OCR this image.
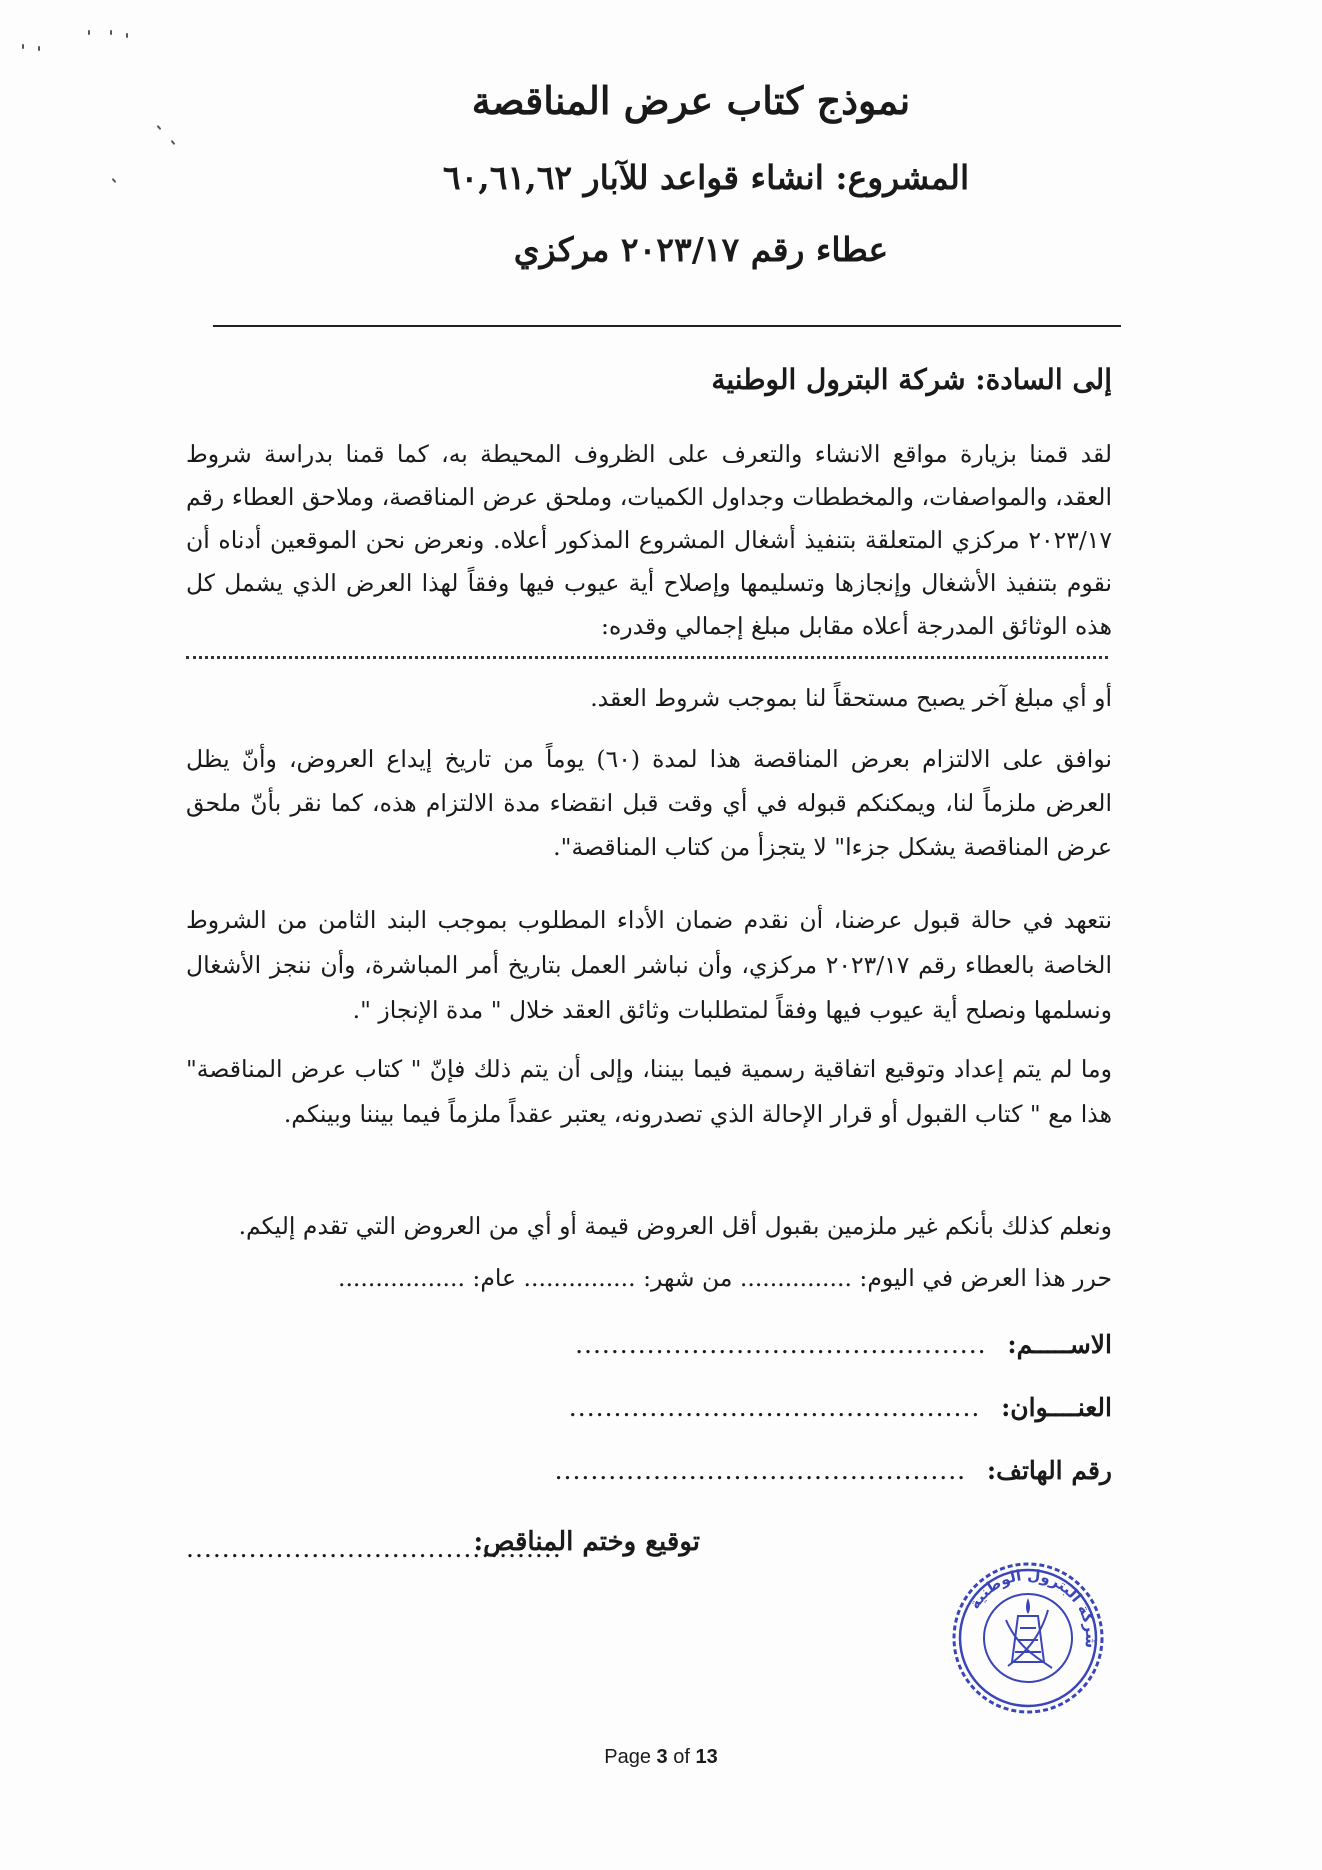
نموذج كتاب عرض المناقصة
المشروع: انشاء قواعد للآبار ٦٠,٦١,٦٢
عطاء رقم ٢٠٢٣/١٧ مركزي

إلى السادة: شركة البترول الوطنية

لقد قمنا بزيارة مواقع الانشاء والتعرف على الظروف المحيطة به، كما قمنا بدراسة شروط العقد، والمواصفات، والمخططات وجداول الكميات، وملحق عرض المناقصة، وملاحق العطاء رقم ٢٠٢٣/١٧ مركزي المتعلقة بتنفيذ أشغال المشروع المذكور أعلاه. ونعرض نحن الموقعين أدناه أن نقوم بتنفيذ الأشغال وإنجازها وتسليمها وإصلاح أية عيوب فيها وفقاً لهذا العرض الذي يشمل كل هذه الوثائق المدرجة أعلاه مقابل مبلغ إجمالي وقدره:

أو أي مبلغ آخر يصبح مستحقاً لنا بموجب شروط العقد.

نوافق على الالتزام بعرض المناقصة هذا لمدة (٦٠) يوماً من تاريخ إيداع العروض، وأنّ يظل العرض ملزماً لنا، ويمكنكم قبوله في أي وقت قبل انقضاء مدة الالتزام هذه، كما نقر بأنّ ملحق عرض المناقصة يشكل جزءا" لا يتجزأ من كتاب المناقصة".

نتعهد في حالة قبول عرضنا، أن نقدم ضمان الأداء المطلوب بموجب البند الثامن من الشروط الخاصة بالعطاء رقم ٢٠٢٣/١٧ مركزي، وأن نباشر العمل بتاريخ أمر المباشرة، وأن ننجز الأشغال ونسلمها ونصلح أية عيوب فيها وفقاً لمتطلبات وثائق العقد خلال " مدة الإنجاز ".

وما لم يتم إعداد وتوقيع اتفاقية رسمية فيما بيننا، وإلى أن يتم ذلك فإنّ " كتاب عرض المناقصة" هذا مع " كتاب القبول أو قرار الإحالة الذي تصدرونه، يعتبر عقداً ملزماً فيما بيننا وبينكم.

ونعلم كذلك بأنكم غير ملزمين بقبول أقل العروض قيمة أو أي من العروض التي تقدم إليكم.

حرر هذا العرض في اليوم: ............... من شهر: ............... عام: .................
الاســـــم: ..............................................
العنــــوان: ..............................................
رقم الهاتف: ..............................................
توقيع وختم المناقص:
..........................................
شركة البترول الوطنية
Page 3 of 13
